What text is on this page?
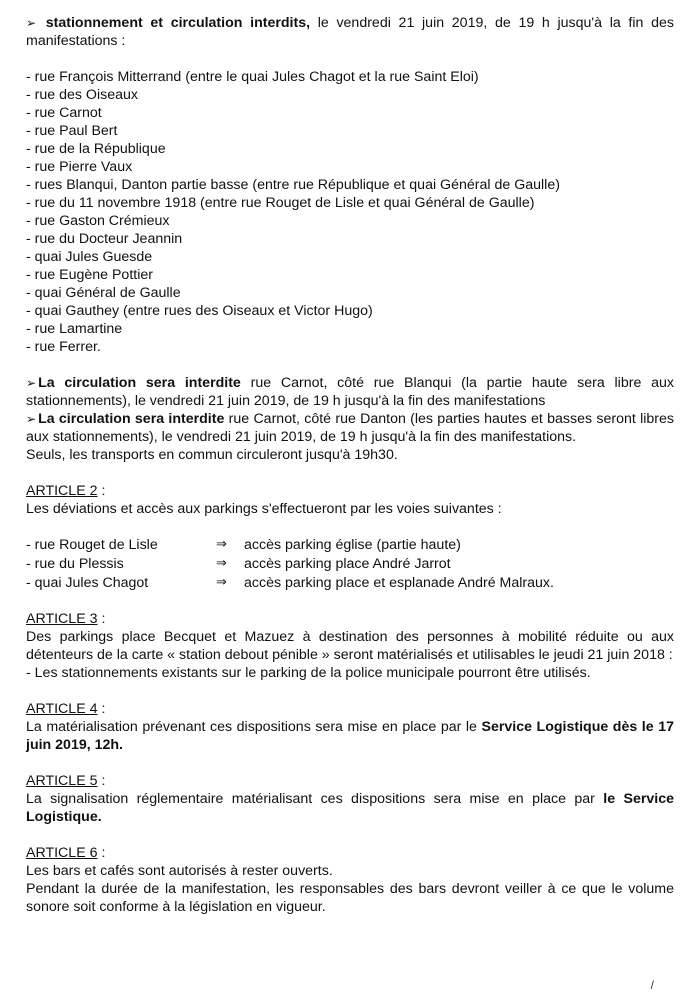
➢ stationnement et circulation interdits, le vendredi 21 juin 2019, de 19 h jusqu'à la fin des manifestations :

- rue François Mitterrand (entre le quai Jules Chagot et la rue Saint Eloi)
- rue des Oiseaux
- rue Carnot
- rue Paul Bert
- rue de la République
- rue Pierre Vaux
- rues Blanqui, Danton partie basse (entre rue République et quai Général de Gaulle)
- rue du 11 novembre 1918 (entre rue Rouget de Lisle et quai Général de Gaulle)
- rue Gaston Crémieux
- rue du Docteur Jeannin
- quai Jules Guesde
- rue Eugène Pottier
- quai Général de Gaulle
- quai Gauthey (entre rues des Oiseaux et Victor Hugo)
- rue Lamartine
- rue Ferrer.

➢ La circulation sera interdite rue Carnot, côté rue Blanqui (la partie haute sera libre aux stationnements), le vendredi 21 juin 2019, de 19 h jusqu'à la fin des manifestations

➢ La circulation sera interdite rue Carnot, côté rue Danton (les parties hautes et basses seront libres aux stationnements), le vendredi 21 juin 2019, de 19 h jusqu'à la fin des manifestations.

Seuls, les transports en commun circuleront jusqu'à 19h30.

ARTICLE 2 :

Les déviations et accès aux parkings s'effectueront par les voies suivantes :

- rue Rouget de Lisle	⇒	accès parking église (partie haute)
- rue du Plessis	⇒	accès parking place André Jarrot
- quai Jules Chagot	⇒	accès parking place et esplanade André Malraux.

ARTICLE 3 :

Des parkings place Becquet et Mazuez à destination des personnes à mobilité réduite ou aux détenteurs de la carte « station debout pénible » seront matérialisés et utilisables le jeudi 21 juin 2018 :

- Les stationnements existants sur le parking de la police municipale pourront être utilisés.

ARTICLE 4 :

La matérialisation prévenant ces dispositions sera mise en place par le Service Logistique dès le 17 juin 2019, 12h.

ARTICLE 5 :

La signalisation réglementaire matérialisant ces dispositions sera mise en place par le Service Logistique.

ARTICLE 6 :

Les bars et cafés sont autorisés à rester ouverts.

Pendant la durée de la manifestation, les responsables des bars devront veiller à ce que le volume sonore soit conforme à la législation en vigueur.

/
